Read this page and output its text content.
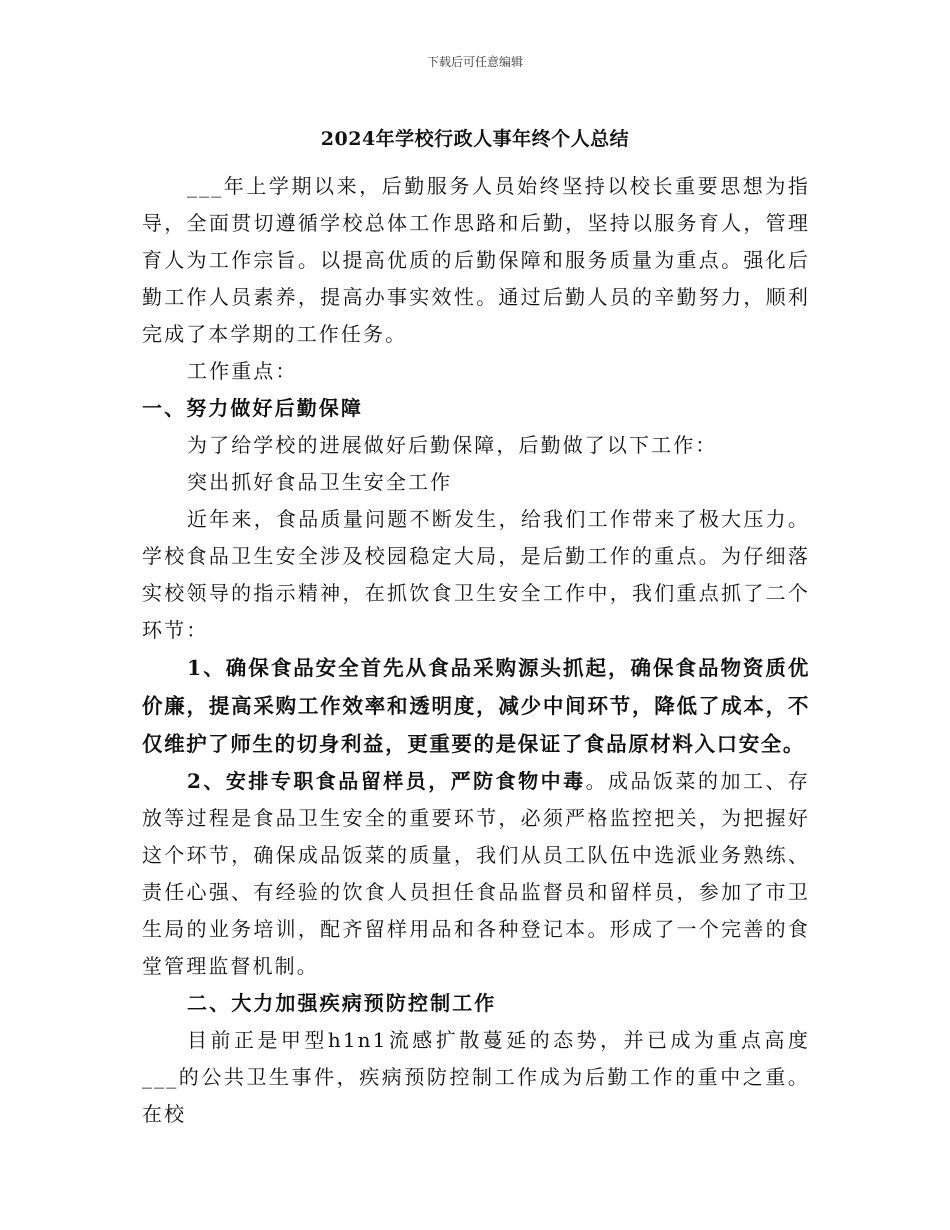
下载后可任意编辑
2024年学校行政人事年终个人总结

___年上学期以来，后勤服务人员始终坚持以校长重要思想为指导，全面贯切遵循学校总体工作思路和后勤，坚持以服务育人，管理育人为工作宗旨。以提高优质的后勤保障和服务质量为重点。强化后勤工作人员素养，提高办事实效性。通过后勤人员的辛勤努力，顺利完成了本学期的工作任务。

工作重点：

一、努力做好后勤保障

为了给学校的进展做好后勤保障，后勤做了以下工作：

突出抓好食品卫生安全工作

近年来，食品质量问题不断发生，给我们工作带来了极大压力。学校食品卫生安全涉及校园稳定大局，是后勤工作的重点。为仔细落实校领导的指示精神，在抓饮食卫生安全工作中，我们重点抓了二个环节：

1、确保食品安全首先从食品采购源头抓起，确保食品物资质优价廉，提高采购工作效率和透明度，减少中间环节，降低了成本，不仅维护了师生的切身利益，更重要的是保证了食品原材料入口安全。

2、安排专职食品留样员，严防食物中毒。成品饭菜的加工、存放等过程是食品卫生安全的重要环节，必须严格监控把关，为把握好这个环节，确保成品饭菜的质量，我们从员工队伍中选派业务熟练、责任心强、有经验的饮食人员担任食品监督员和留样员，参加了市卫生局的业务培训，配齐留样用品和各种登记本。形成了一个完善的食堂管理监督机制。

二、大力加强疾病预防控制工作

目前正是甲型h1n1流感扩散蔓延的态势，并已成为重点高度___的公共卫生事件，疾病预防控制工作成为后勤工作的重中之重。在校
